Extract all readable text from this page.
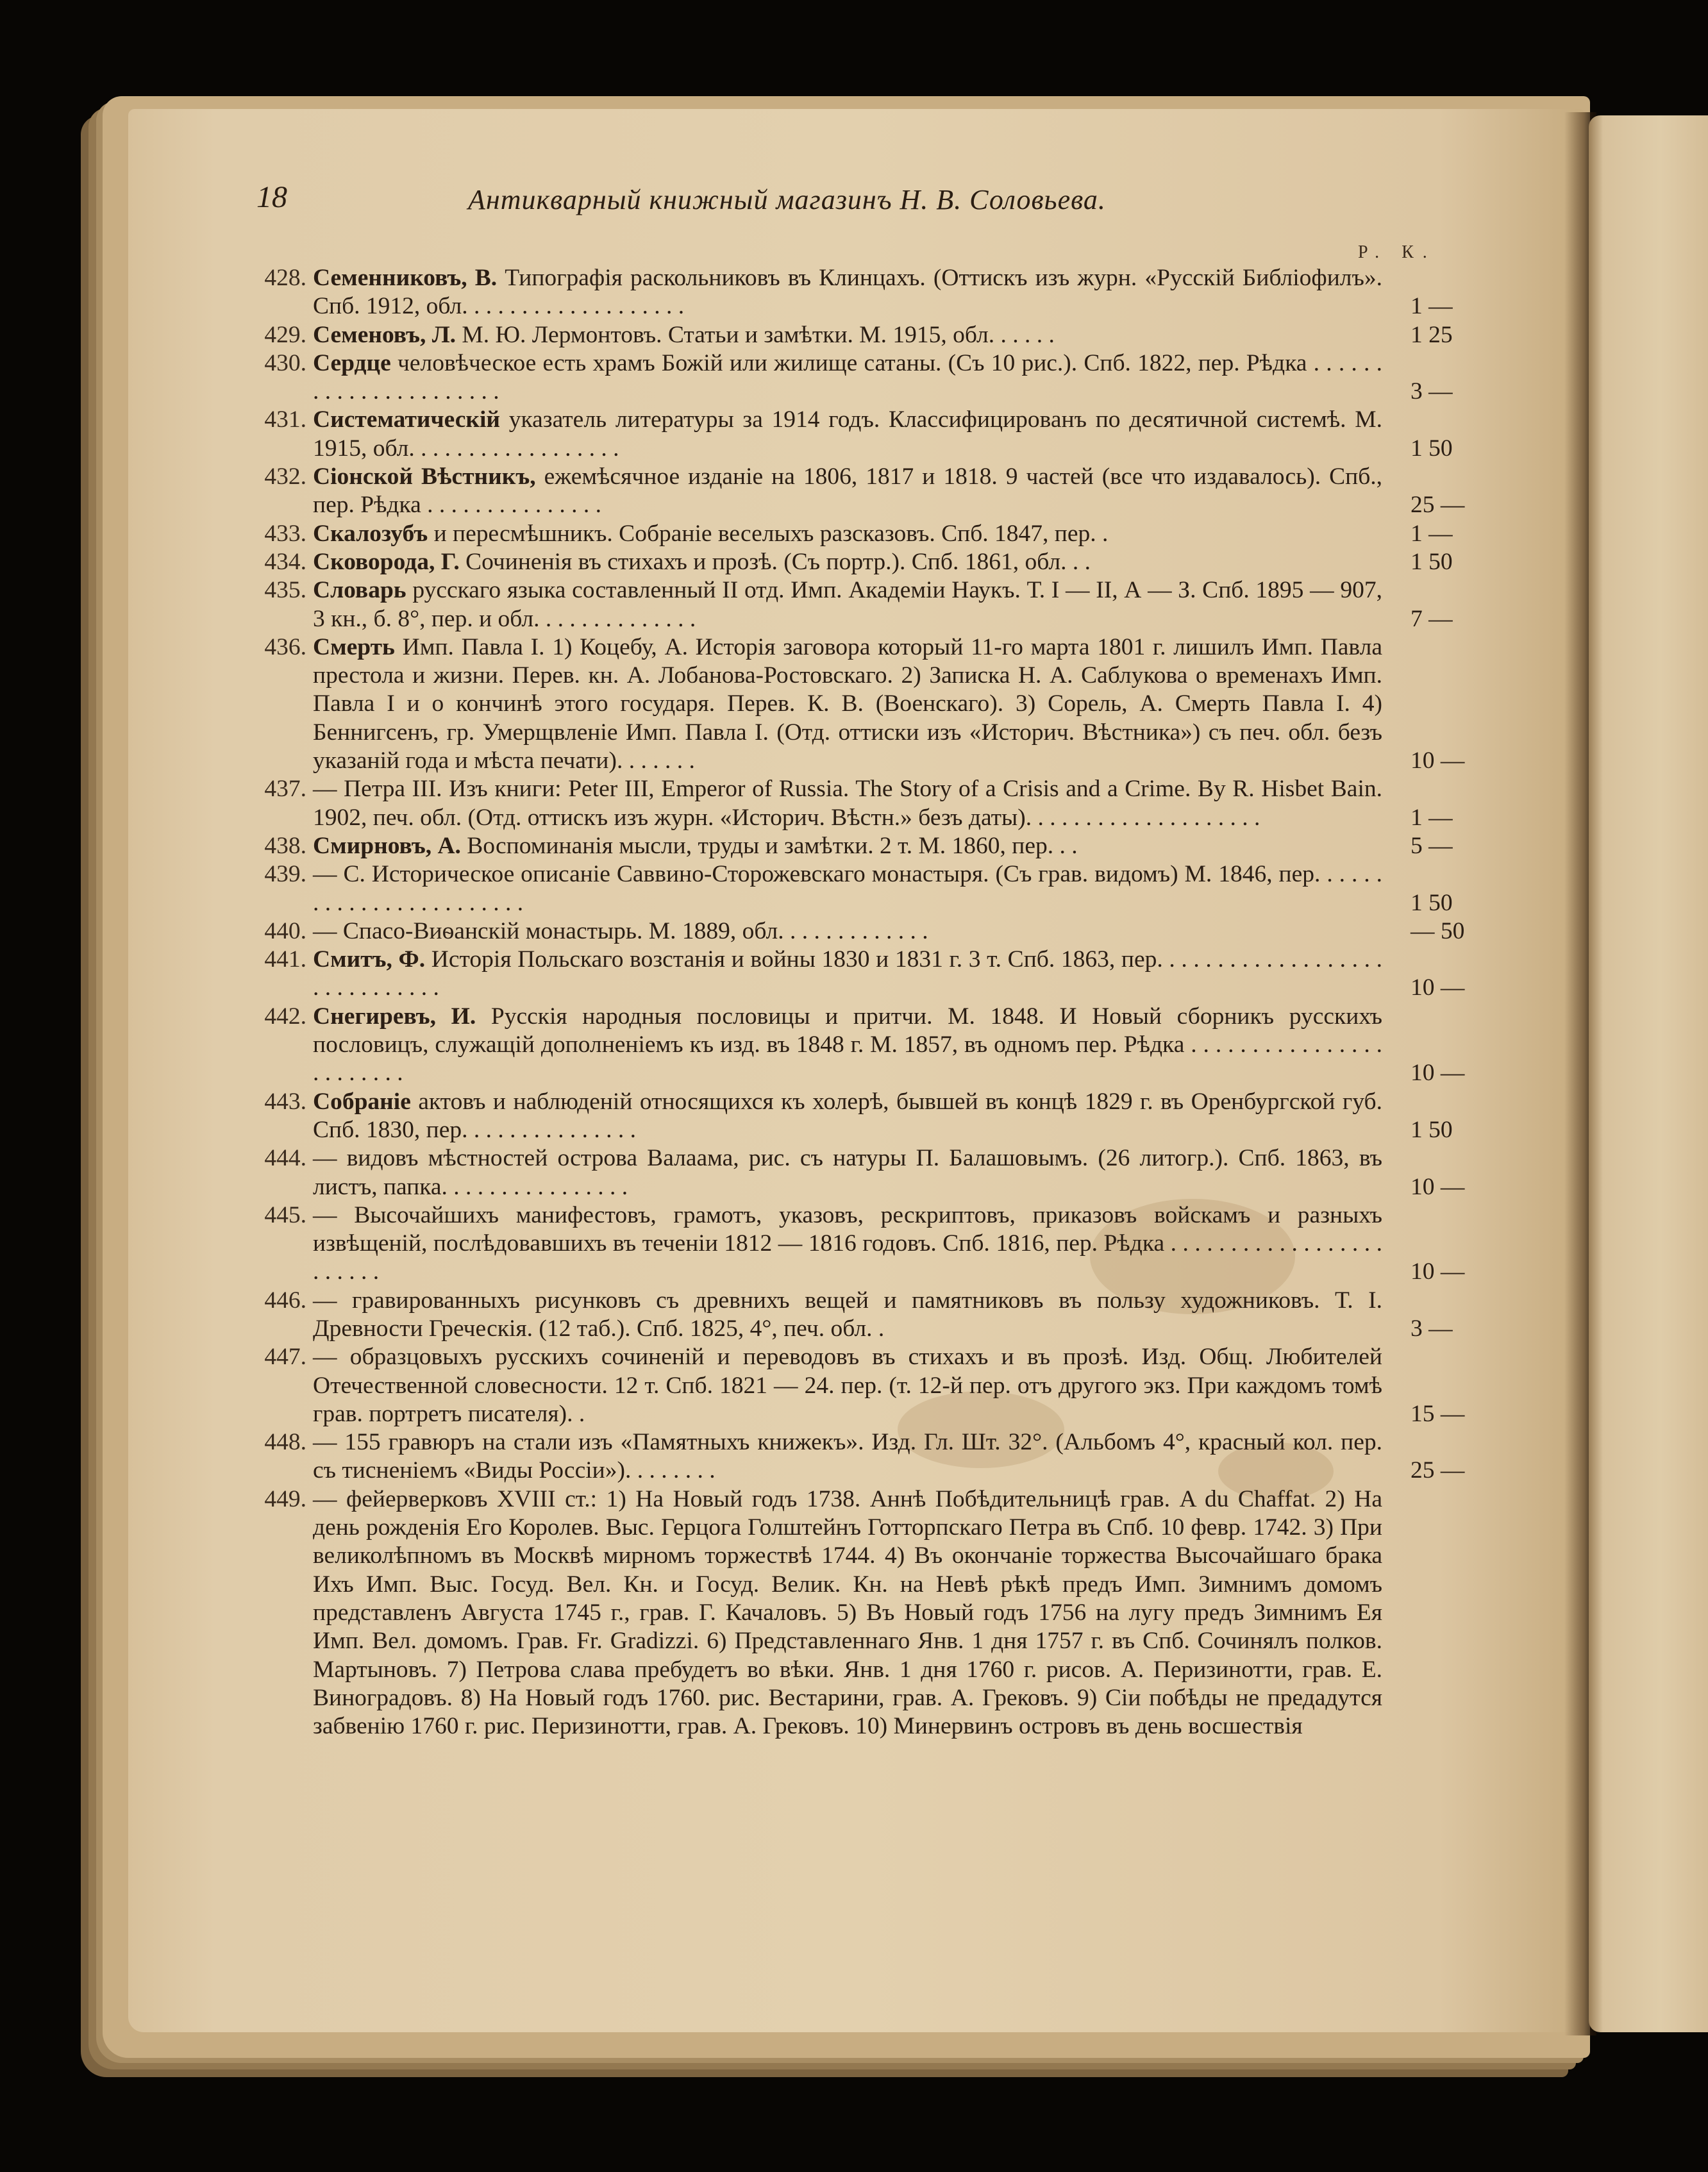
18	Антикварный книжный магазинъ Н. В. Соловьева.
Р. К.
428. Семенниковъ, В. Типографія раскольниковъ въ Клинцахъ. (Оттискъ изъ журн. «Русскій Библіофилъ». Спб. 1912, обл. . . . . . . . . . . . . . . . . . .	1 —
429. Семеновъ, Л. М. Ю. Лермонтовъ. Статьи и замѣтки. М. 1915, обл. . . . . .	1 25
430. Сердце человѣческое есть храмъ Божій или жилище сатаны. (Съ 10 рис.). Спб. 1822, пер. Рѣдка . . . . . . . . . . . . . . . . . . . . . .	3 —
431. Систематическій указатель литературы за 1914 годъ. Классифицированъ по десятичной системѣ. М. 1915, обл. . . . . . . . . . . . . . . . . .	1 50
432. Сіонской Вѣстникъ, ежемѣсячное изданіе на 1806, 1817 и 1818. 9 частей (все что издавалось). Спб., пер. Рѣдка . . . . . . . . . . . . . . .	25 —
433. Скалозубъ и пересмѣшникъ. Собраніе веселыхъ разсказовъ. Спб. 1847, пер. .	1 —
434. Сковорода, Г. Сочиненія въ стихахъ и прозѣ. (Съ портр.). Спб. 1861, обл. . .	1 50
435. Словарь русскаго языка составленный II отд. Имп. Академіи Наукъ. Т. I — II, А — З. Спб. 1895 — 907, 3 кн., б. 8°, пер. и обл. . . . . . . . . . . . . .	7 —
436. Смерть Имп. Павла I. 1) Коцебу, А. Исторія заговора который 11-го марта 1801 г. лишилъ Имп. Павла престола и жизни. Перев. кн. А. Лобанова-Ростовскаго. 2) Записка Н. А. Саблукова о временахъ Имп. Павла I и о кончинѣ этого государя. Перев. К. В. (Военскаго). 3) Сорель, А. Смерть Павла I. 4) Беннигсенъ, гр. Умерщвленіе Имп. Павла I. (Отд. оттиски изъ «Историч. Вѣстника») съ печ. обл. безъ указаній года и мѣста печати). . . . . . .	10 —
437. — Петра III. Изъ книги: Peter III, Emperor of Russia. The Story of a Crisis and a Crime. By R. Hisbet Bain. 1902, печ. обл. (Отд. оттискъ изъ журн. «Историч. Вѣстн.» безъ даты). . . . . . . . . . . . . . . . . . . .	1 —
438. Смирновъ, А. Воспоминанія мысли, труды и замѣтки. 2 т. М. 1860, пер. . .	5 —
439. — С. Историческое описаніе Саввино-Сторожевскаго монастыря. (Съ грав. видомъ) М. 1846, пер. . . . . . . . . . . . . . . . . . . . . . . .	1 50
440. — Спасо-Виѳанскій монастырь. М. 1889, обл. . . . . . . . . . . . .	— 50
441. Смитъ, Ф. Исторія Польскаго возстанія и войны 1830 и 1831 г. 3 т. Спб. 1863, пер. . . . . . . . . . . . . . . . . . . . . . . . . . . . . .	10 —
442. Снегиревъ, И. Русскія народныя пословицы и притчи. М. 1848. И Новый сборникъ русскихъ пословицъ, служащій дополненіемъ къ изд. въ 1848 г. М. 1857, въ одномъ пер. Рѣдка . . . . . . . . . . . . . . . . . . . . . . . .	10 —
443. Собраніе актовъ и наблюденій относящихся къ холерѣ, бывшей въ концѣ 1829 г. въ Оренбургской губ. Спб. 1830, пер. . . . . . . . . . . . . . .	1 50
444. — видовъ мѣстностей острова Валаама, рис. съ натуры П. Балашовымъ. (26 литогр.). Спб. 1863, въ листъ, папка. . . . . . . . . . . . . . . .	10 —
445. — Высочайшихъ манифестовъ, грамотъ, указовъ, рескриптовъ, приказовъ войскамъ и разныхъ извѣщеній, послѣдовавшихъ въ теченіи 1812 — 1816 годовъ. Спб. 1816, пер. Рѣдка . . . . . . . . . . . . . . . . . . . . . . . .	10 —
446. — гравированныхъ рисунковъ съ древнихъ вещей и памятниковъ въ пользу художниковъ. Т. I. Древности Греческія. (12 таб.). Спб. 1825, 4°, печ. обл. .	3 —
447. — образцовыхъ русскихъ сочиненій и переводовъ въ стихахъ и въ прозѣ. Изд. Общ. Любителей Отечественной словесности. 12 т. Спб. 1821 — 24. пер. (т. 12-й пер. отъ другого экз. При каждомъ томѣ грав. портретъ писателя). .	15 —
448. — 155 гравюръ на стали изъ «Памятныхъ книжекъ». Изд. Гл. Шт. 32°. (Альбомъ 4°, красный кол. пер. съ тисненіемъ «Виды Россіи»). . . . . . . .	25 —
449. — фейерверковъ XVIII ст.: 1) На Новый годъ 1738. Аннѣ Побѣдительницѣ грав. A du Chaffat. 2) На день рожденія Его Королев. Выс. Герцога Голштейнъ Готторпскаго Петра въ Спб. 10 февр. 1742. 3) При великолѣпномъ въ Москвѣ мирномъ торжествѣ 1744. 4) Въ окончаніе торжества Высочайшаго брака Ихъ Имп. Выс. Госуд. Вел. Кн. и Госуд. Велик. Кн. на Невѣ рѣкѣ предъ Имп. Зимнимъ домомъ представленъ Августа 1745 г., грав. Г. Качаловъ. 5) Въ Новый годъ 1756 на лугу предъ Зимнимъ Ея Имп. Вел. домомъ. Грав. Fr. Gradizzi. 6) Представленнаго Янв. 1 дня 1757 г. въ Спб. Сочинялъ полков. Мартыновъ. 7) Петрова слава пребудетъ во вѣки. Янв. 1 дня 1760 г. рисов. А. Перизинотти, грав. Е. Виноградовъ. 8) На Новый годъ 1760. рис. Вестарини, грав. А. Грековъ. 9) Сіи побѣды не предадутся забвенію 1760 г. рис. Перизинотти, грав. А. Грековъ. 10) Минервинъ островъ въ день восшествія
